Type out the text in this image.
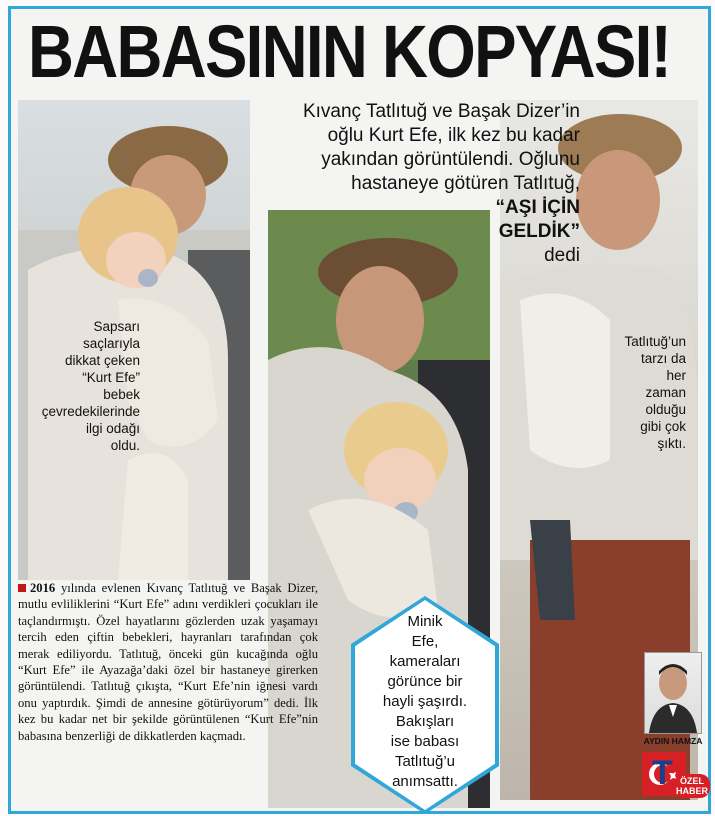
BABASININ KOPYASI!
Kıvanç Tatlıtuğ ve Başak Dizer’in
oğlu Kurt Efe, ilk kez bu kadar
yakından görüntülendi. Oğlunu
hastaneye götüren Tatlıtuğ,
“AŞI İÇİN
GELDİK”
dedi
Sapsarı
saçlarıyla
dikkat çeken
“Kurt Efe”
bebek
çevredekilerinde
ilgi odağı
oldu.
Tatlıtuğ’un
tarzı da
her
zaman
olduğu
gibi çok
şıktı.
2016 yılında evlenen Kıvanç Tatlıtuğ ve Başak Dizer, mutlu evliliklerini “Kurt Efe” adını verdikleri çocukları ile taçlandırmıştı. Özel hayatlarını gözlerden uzak yaşamayı tercih eden çiftin bebekleri, hayranları tarafından çok merak ediliyordu. Tatlıtuğ, önceki gün kucağında oğlu “Kurt Efe” ile Ayazağa’daki özel bir hastaneye girerken görüntülendi. Tatlıtuğ çıkışta, “Kurt Efe’nin iğnesi vardı onu yaptırdık. Şimdi de annesine götürüyorum” dedi. İlk kez bu kadar net bir şekilde görüntülenen “Kurt Efe”nin babasına benzerliği de dikkatlerden kaçmadı.
Minik
Efe,
kameraları
görünce bir
hayli şaşırdı.
Bakışları
ise babası
Tatlıtuğ’u
anımsattı.
AYDIN HAMZA
T ÖZEL HABER
